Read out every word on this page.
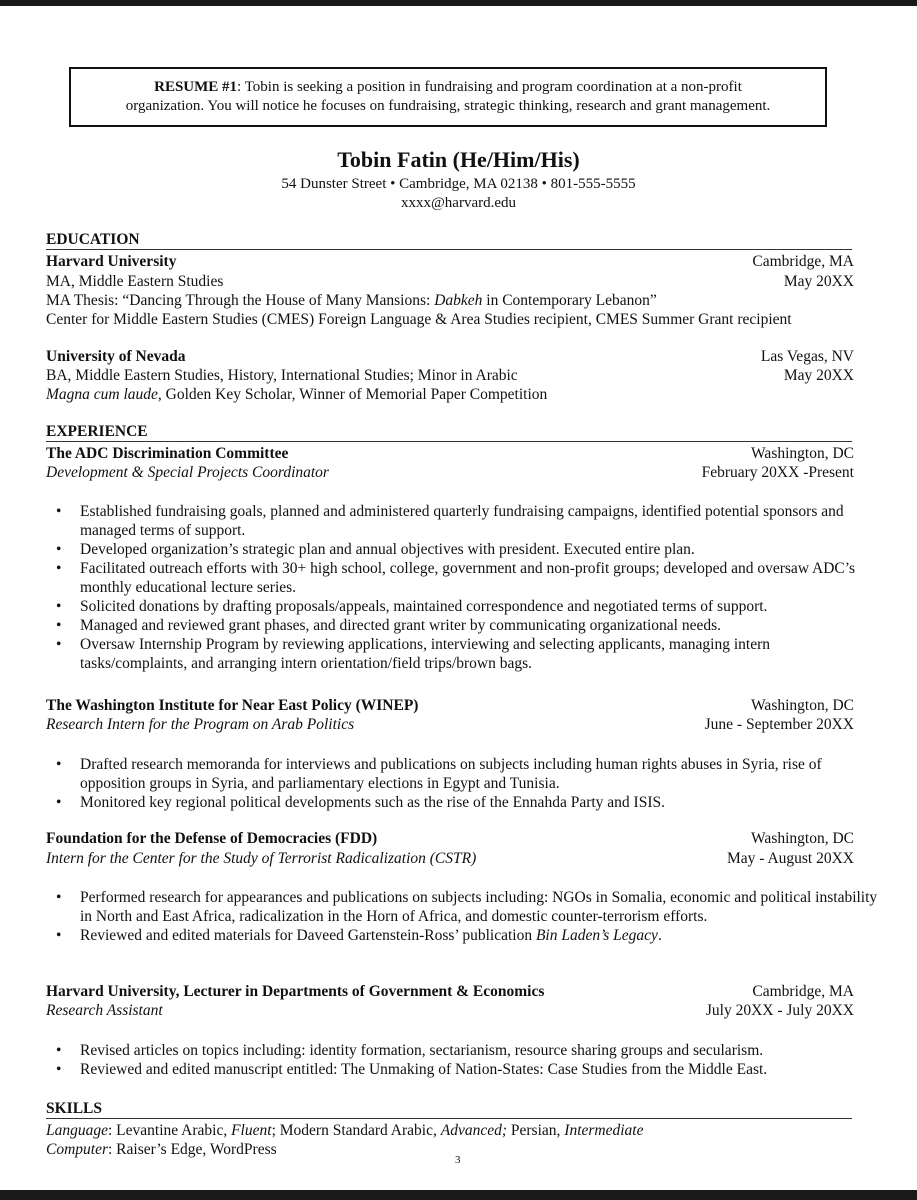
RESUME #1: Tobin is seeking a position in fundraising and program coordination at a non-profit
organization. You will notice he focuses on fundraising, strategic thinking, research and grant management.
Tobin Fatin (He/Him/His)
54 Dunster Street • Cambridge, MA 02138 • 801-555-5555
xxxx@harvard.edu
EDUCATION
Harvard University	Cambridge, MA
MA, Middle Eastern Studies	May 20XX
MA Thesis: “Dancing Through the House of Many Mansions: Dabkeh in Contemporary Lebanon”
Center for Middle Eastern Studies (CMES) Foreign Language & Area Studies recipient, CMES Summer Grant recipient
University of Nevada	Las Vegas, NV
BA, Middle Eastern Studies, History, International Studies; Minor in Arabic	May 20XX
Magna cum laude, Golden Key Scholar, Winner of Memorial Paper Competition
EXPERIENCE
The ADC Discrimination Committee	Washington, DC
Development & Special Projects Coordinator	February 20XX -Present
• Established fundraising goals, planned and administered quarterly fundraising campaigns, identified potential sponsors and managed terms of support.
• Developed organization’s strategic plan and annual objectives with president. Executed entire plan.
• Facilitated outreach efforts with 30+ high school, college, government and non-profit groups; developed and oversaw ADC’s monthly educational lecture series.
• Solicited donations by drafting proposals/appeals, maintained correspondence and negotiated terms of support.
• Managed and reviewed grant phases, and directed grant writer by communicating organizational needs.
• Oversaw Internship Program by reviewing applications, interviewing and selecting applicants, managing intern tasks/complaints, and arranging intern orientation/field trips/brown bags.
The Washington Institute for Near East Policy (WINEP)	Washington, DC
Research Intern for the Program on Arab Politics	June - September 20XX
• Drafted research memoranda for interviews and publications on subjects including human rights abuses in Syria, rise of opposition groups in Syria, and parliamentary elections in Egypt and Tunisia.
• Monitored key regional political developments such as the rise of the Ennahda Party and ISIS.
Foundation for the Defense of Democracies (FDD)	Washington, DC
Intern for the Center for the Study of Terrorist Radicalization (CSTR)	May - August 20XX
• Performed research for appearances and publications on subjects including: NGOs in Somalia, economic and political instability in North and East Africa, radicalization in the Horn of Africa, and domestic counter-terrorism efforts.
• Reviewed and edited materials for Daveed Gartenstein-Ross’ publication Bin Laden’s Legacy.
Harvard University, Lecturer in Departments of Government & Economics	Cambridge, MA
Research Assistant	July 20XX - July 20XX
• Revised articles on topics including: identity formation, sectarianism, resource sharing groups and secularism.
• Reviewed and edited manuscript entitled: The Unmaking of Nation-States: Case Studies from the Middle East.
SKILLS
Language: Levantine Arabic, Fluent; Modern Standard Arabic, Advanced; Persian, Intermediate
Computer: Raiser’s Edge, WordPress
3
